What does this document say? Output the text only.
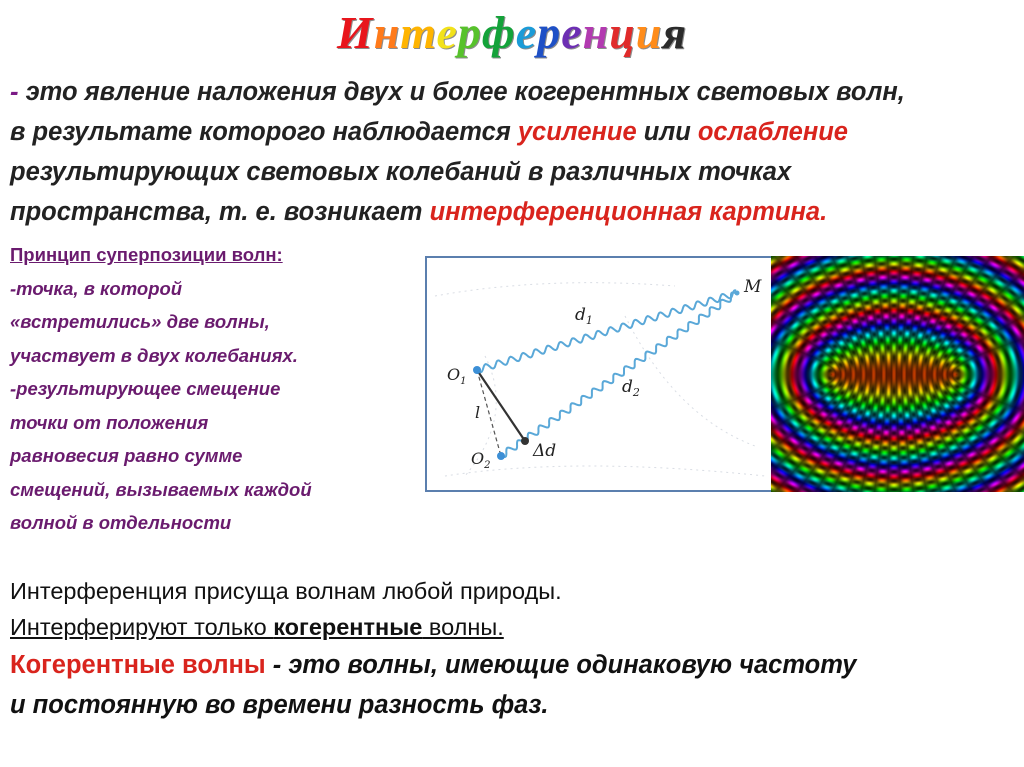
Интерференция
- это явление наложения двух и более когерентных световых волн,
в результате которого наблюдается усиление или ослабление
результирующих световых колебаний в различных точках
пространства, т. е. возникает интерференционная картина.
Принцип суперпозиции волн:
-точка, в которой
«встретились» две волны,
участвует в двух колебаниях.
-результирующее смещение
точки от положения
равновесия равно сумме
смещений, вызываемых каждой
волной в отдельности
M
$d_1$
$d_2$
$O_1$
$O_2$
l
Δd
Интерференция присуща волнам любой природы.
Интерферируют только когерентные волны.
Когерентные волны - это волны, имеющие одинаковую частоту
и постоянную во времени разность фаз.
